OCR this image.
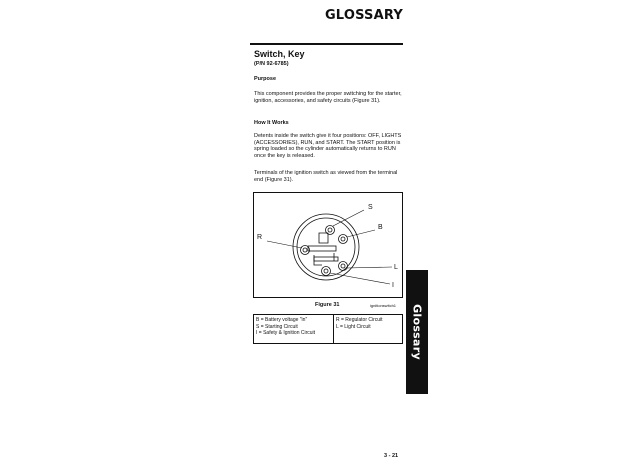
GLOSSARY
Switch, Key
(P/N 92-6785)
Purpose
This component provides the proper switching for the starter, ignition, accessories, and safety circuits (Figure 31).
How It Works
Detents inside the switch give it four positions: OFF, LIGHTS (ACCESSORIES), RUN, and START. The START position is spring loaded so the cylinder automatically returns to RUN once the key is released.
Terminals of the ignition switch as viewed from the terminal end (Figure 31).
S
B
R
L
I
Figure 31	ignitionswitch1
B = Battery voltage "in"
S = Starting Circuit
I = Safety & Ignition Circuit
R = Regulator Circuit
L = Light Circuit	Glossary
3 - 21
